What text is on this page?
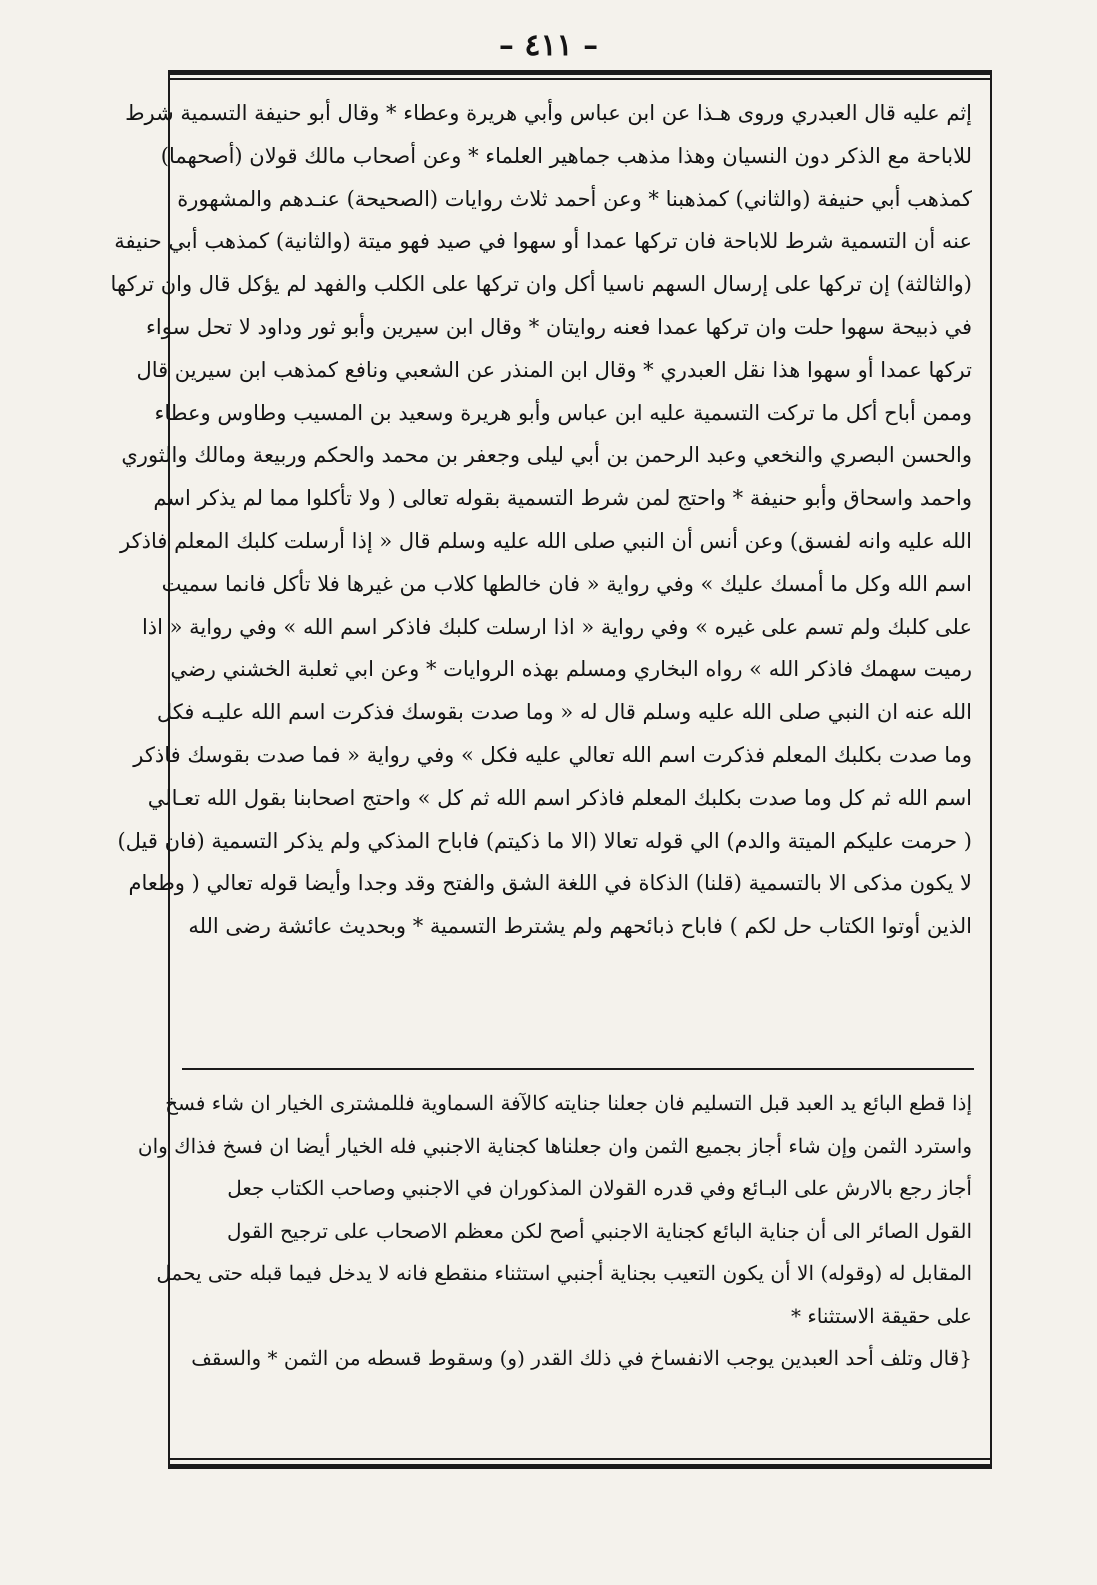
– ٤١١ –
إثم عليه قال العبدري وروى هـذا عن ابن عباس وأبي هريرة وعطاء * وقال أبو حنيفة التسمية شرط
للاباحة مع الذكر دون النسيان وهذا مذهب جماهير العلماء * وعن أصحاب مالك قولان (أصحهما)
كمذهب أبي حنيفة (والثاني) كمذهبنا * وعن أحمد ثلاث روايات (الصحيحة) عنـدهم والمشهورة
عنه أن التسمية شرط للاباحة فان تركها عمدا أو سهوا في صيد فهو ميتة (والثانية) كمذهب أبي حنيفة
(والثالثة) إن تركها على إرسال السهم ناسيا أكل وان تركها على الكلب والفهد لم يؤكل قال وان تركها
في ذبيحة سهوا حلت وان تركها عمدا فعنه روايتان * وقال ابن سيرين وأبو ثور وداود لا تحل سواء
تركها عمدا أو سهوا هذا نقل العبدري * وقال ابن المنذر عن الشعبي ونافع كمذهب ابن سيرين قال
وممن أباح أكل ما تركت التسمية عليه ابن عباس وأبو هريرة وسعيد بن المسيب وطاوس وعطاء
والحسن البصري والنخعي وعبد الرحمن بن أبي ليلى وجعفر بن محمد والحكم وربيعة ومالك والثوري
واحمد واسحاق وأبو حنيفة * واحتج لمن شرط التسمية بقوله تعالى ( ولا تأكلوا مما لم يذكر اسم
الله عليه وانه لفسق) وعن أنس أن النبي صلى الله عليه وسلم قال « إذا أرسلت كلبك المعلم فاذكر
اسم الله وكل ما أمسك عليك » وفي رواية « فان خالطها كلاب من غيرها فلا تأكل فانما سميت
على كلبك ولم تسم على غيره » وفي رواية « اذا ارسلت كلبك فاذكر اسم الله » وفي رواية « اذا
رميت سهمك فاذكر الله » رواه البخاري ومسلم بهذه الروايات * وعن ابي ثعلبة الخشني رضي
الله عنه ان النبي صلى الله عليه وسلم قال له « وما صدت بقوسك فذكرت اسم الله عليـه فكل
وما صدت بكلبك المعلم فذكرت اسم الله تعالي عليه فكل » وفي رواية « فما صدت بقوسك فاذكر
اسم الله ثم كل وما صدت بكلبك المعلم فاذكر اسم الله ثم كل » واحتج اصحابنا بقول الله تعـالي
( حرمت عليكم الميتة والدم) الي قوله تعالا (الا ما ذكيتم) فاباح المذكي ولم يذكر التسمية (فان قيل)
لا يكون مذكى الا بالتسمية (قلنا) الذكاة في اللغة الشق والفتح وقد وجدا وأيضا قوله تعالي ( وطعام
الذين أوتوا الكتاب حل لكم ) فاباح ذبائحهم ولم يشترط التسمية * وبحديث عائشة رضى الله
إذا قطع البائع يد العبد قبل التسليم فان جعلنا جنايته كالآفة السماوية فللمشترى الخيار ان شاء فسخ
واسترد الثمن وإن شاء أجاز بجميع الثمن وان جعلناها كجناية الاجنبي فله الخيار أيضا ان فسخ فذاك وان
أجاز رجع بالارش على البـائع وفي قدره القولان المذكوران في الاجنبي وصاحب الكتاب جعل
القول الصائر الى أن جناية البائع كجناية الاجنبي أصح لكن معظم الاصحاب على ترجيح القول
المقابل له (وقوله) الا أن يكون التعيب بجناية أجنبي استثناء منقطع فانه لا يدخل فيما قبله حتى يحمل
على حقيقة الاستثناء *
{قال وتلف أحد العبدين يوجب الانفساخ في ذلك القدر (و) وسقوط قسطه من الثمن * والسقف
